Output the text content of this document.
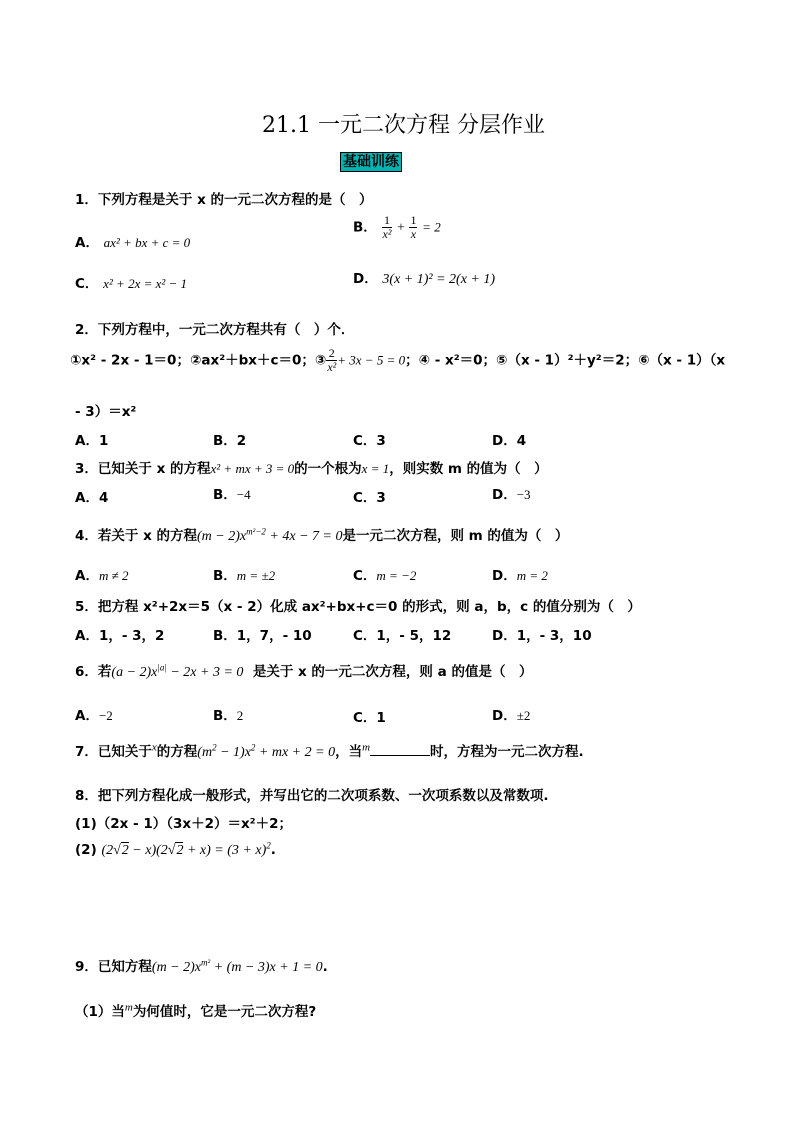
21.1 一元二次方程 分层作业
基础训练
1．下列方程是关于 x 的一元二次方程的是（　）
A． ax² + bx + c = 0
B． $\frac{1}{\text{x²}} + \frac{1}{x} = 2$
C． x² + 2x = x² − 1	D． 3(x + 1)² = 2(x + 1)
2．下列方程中，一元二次方程共有（　）个．
①x² - 2x - 1＝0；②ax²＋bx＋c＝0；③ $\frac{2}{\text{x²}} + 3x - 5 = 0$；④ - x²＝0；⑤（x - 1）²＋y²＝2；⑥（x - 1）（x
- 3）＝x²
A．1	B．2	C．3	D．4
3．已知关于 x 的方程x² + mx + 3 = 0的一个根为x = 1，则实数 m 的值为（　）
A．4	B．−4	C．3	D．−3
4．若关于 x 的方程$(m - 2)x^{m^2-2} + 4x - 7 = 0$是一元二次方程，则 m 的值为（　）
A．m ≠ 2	B．m = ±2	C．m = −2	D．m = 2
5．把方程 x²+2x＝5（x - 2）化成 ax²+bx+c＝0 的形式，则 a，b，c 的值分别为（　）
A．1，- 3，2	B．1，7，- 10	C．1，- 5，12	D．1，- 3，10
6．若$(a - 2)x^{|a|} - 2x + 3 = 0$ 是关于 x 的一元二次方程，则 a 的值是（　）
A．−2	B．2	C．1	D．±2
7．已知关于$^x$的方程$(m^2 - 1)x^2$ + mx + 2 = 0，当$^m$	时，方程为一元二次方程.
8．把下列方程化成一般形式，并写出它的二次项系数、一次项系数以及常数项.
(1)（2x - 1）（3x＋2）＝x²＋2；
(2) $(2√2 - x)(2√2 + x) = (3 + x)^2$.
9．已知方程$(m - 2)x^{m^2} + (m - 3)x + 1 = 0$.
（1）当$^m$为何值时，它是一元二次方程?
